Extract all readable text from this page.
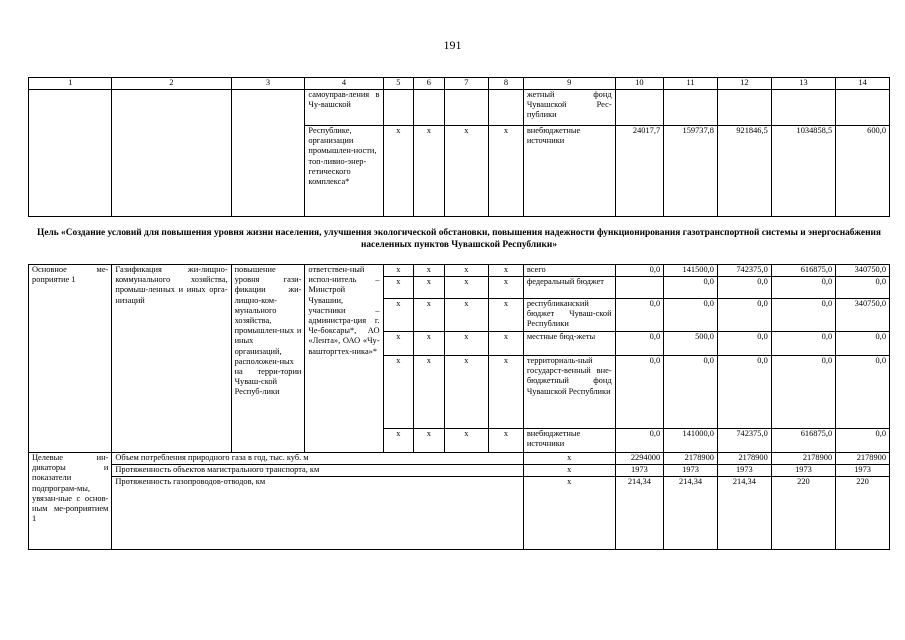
191
1	2	3	4	5	6	7	8	9	10	11	12	13	14
			самоуправ-ления в Чу-вашской					жетный фонд Чувашской Рес-публики					
			Республике, организации промышлен-ности, топ-ливио-энер-гетического комплекса*	x	x	x	x	внебюджетные источники	24017,7	159737,8	921846,5	1034858,5	600,0
Цель «Создание условий для повышения уровня жизни населения, улучшения экологической обстановки, повышения надежности функционирования газотранспортной системы и энергоснабжения населенных пунктов Чувашской Республики»
Основное ме-роприятие 1	Газификация жи-лищно-коммунального хозяйства, промыш-ленных и иных орга-низаций	повышение уровня гази-фикации жи-лищно-ком-мунального хозяйства, промышлен-ных и иных организаций, расположен-ных на терри-тории Чуваш-ской Респуб-лики	ответствен-ный испол-нитель – Минстрой Чувашии, участники – администра-ция г. Че-боксары*, АО «Лента», ОАО «Чу-вашторгтех-ника»*	x	x	x	x	всего	0,0	141500,0	742375,0	616875,0	340750,0
				x	x	x	x	федеральный бюджет		0,0	0,0	0,0	0,0
				x	x	x	x	республиканский бюджет Чуваш-ской Республики	0,0	0,0	0,0	0,0	340750,0
				x	x	x	x	местные бюд-жеты	0,0	500,0	0,0	0,0	0,0
				x	x	x	x	территориаль-ный государст-венный вне-бюджетный фонд Чувашской Республики	0,0	0,0	0,0	0,0	0,0
				x	x	x	x	внебюджетные источники	0,0	141000,0	742375,0	616875,0	0,0
Целевые ин-дикаторы и показатели подпрограм-мы, увязан-ные с основ-ным ме-роприятием 1	Объем потребления природного газа в год, тыс. куб. м							x	2294000	2178900	2178900	2178900	2178900
	Протяженность объектов магистрального транспорта, км							x	1973	1973	1973	1973	1973
	Протяженность газопроводов-отводов, км							x	214,34	214,34	214,34	220	220
